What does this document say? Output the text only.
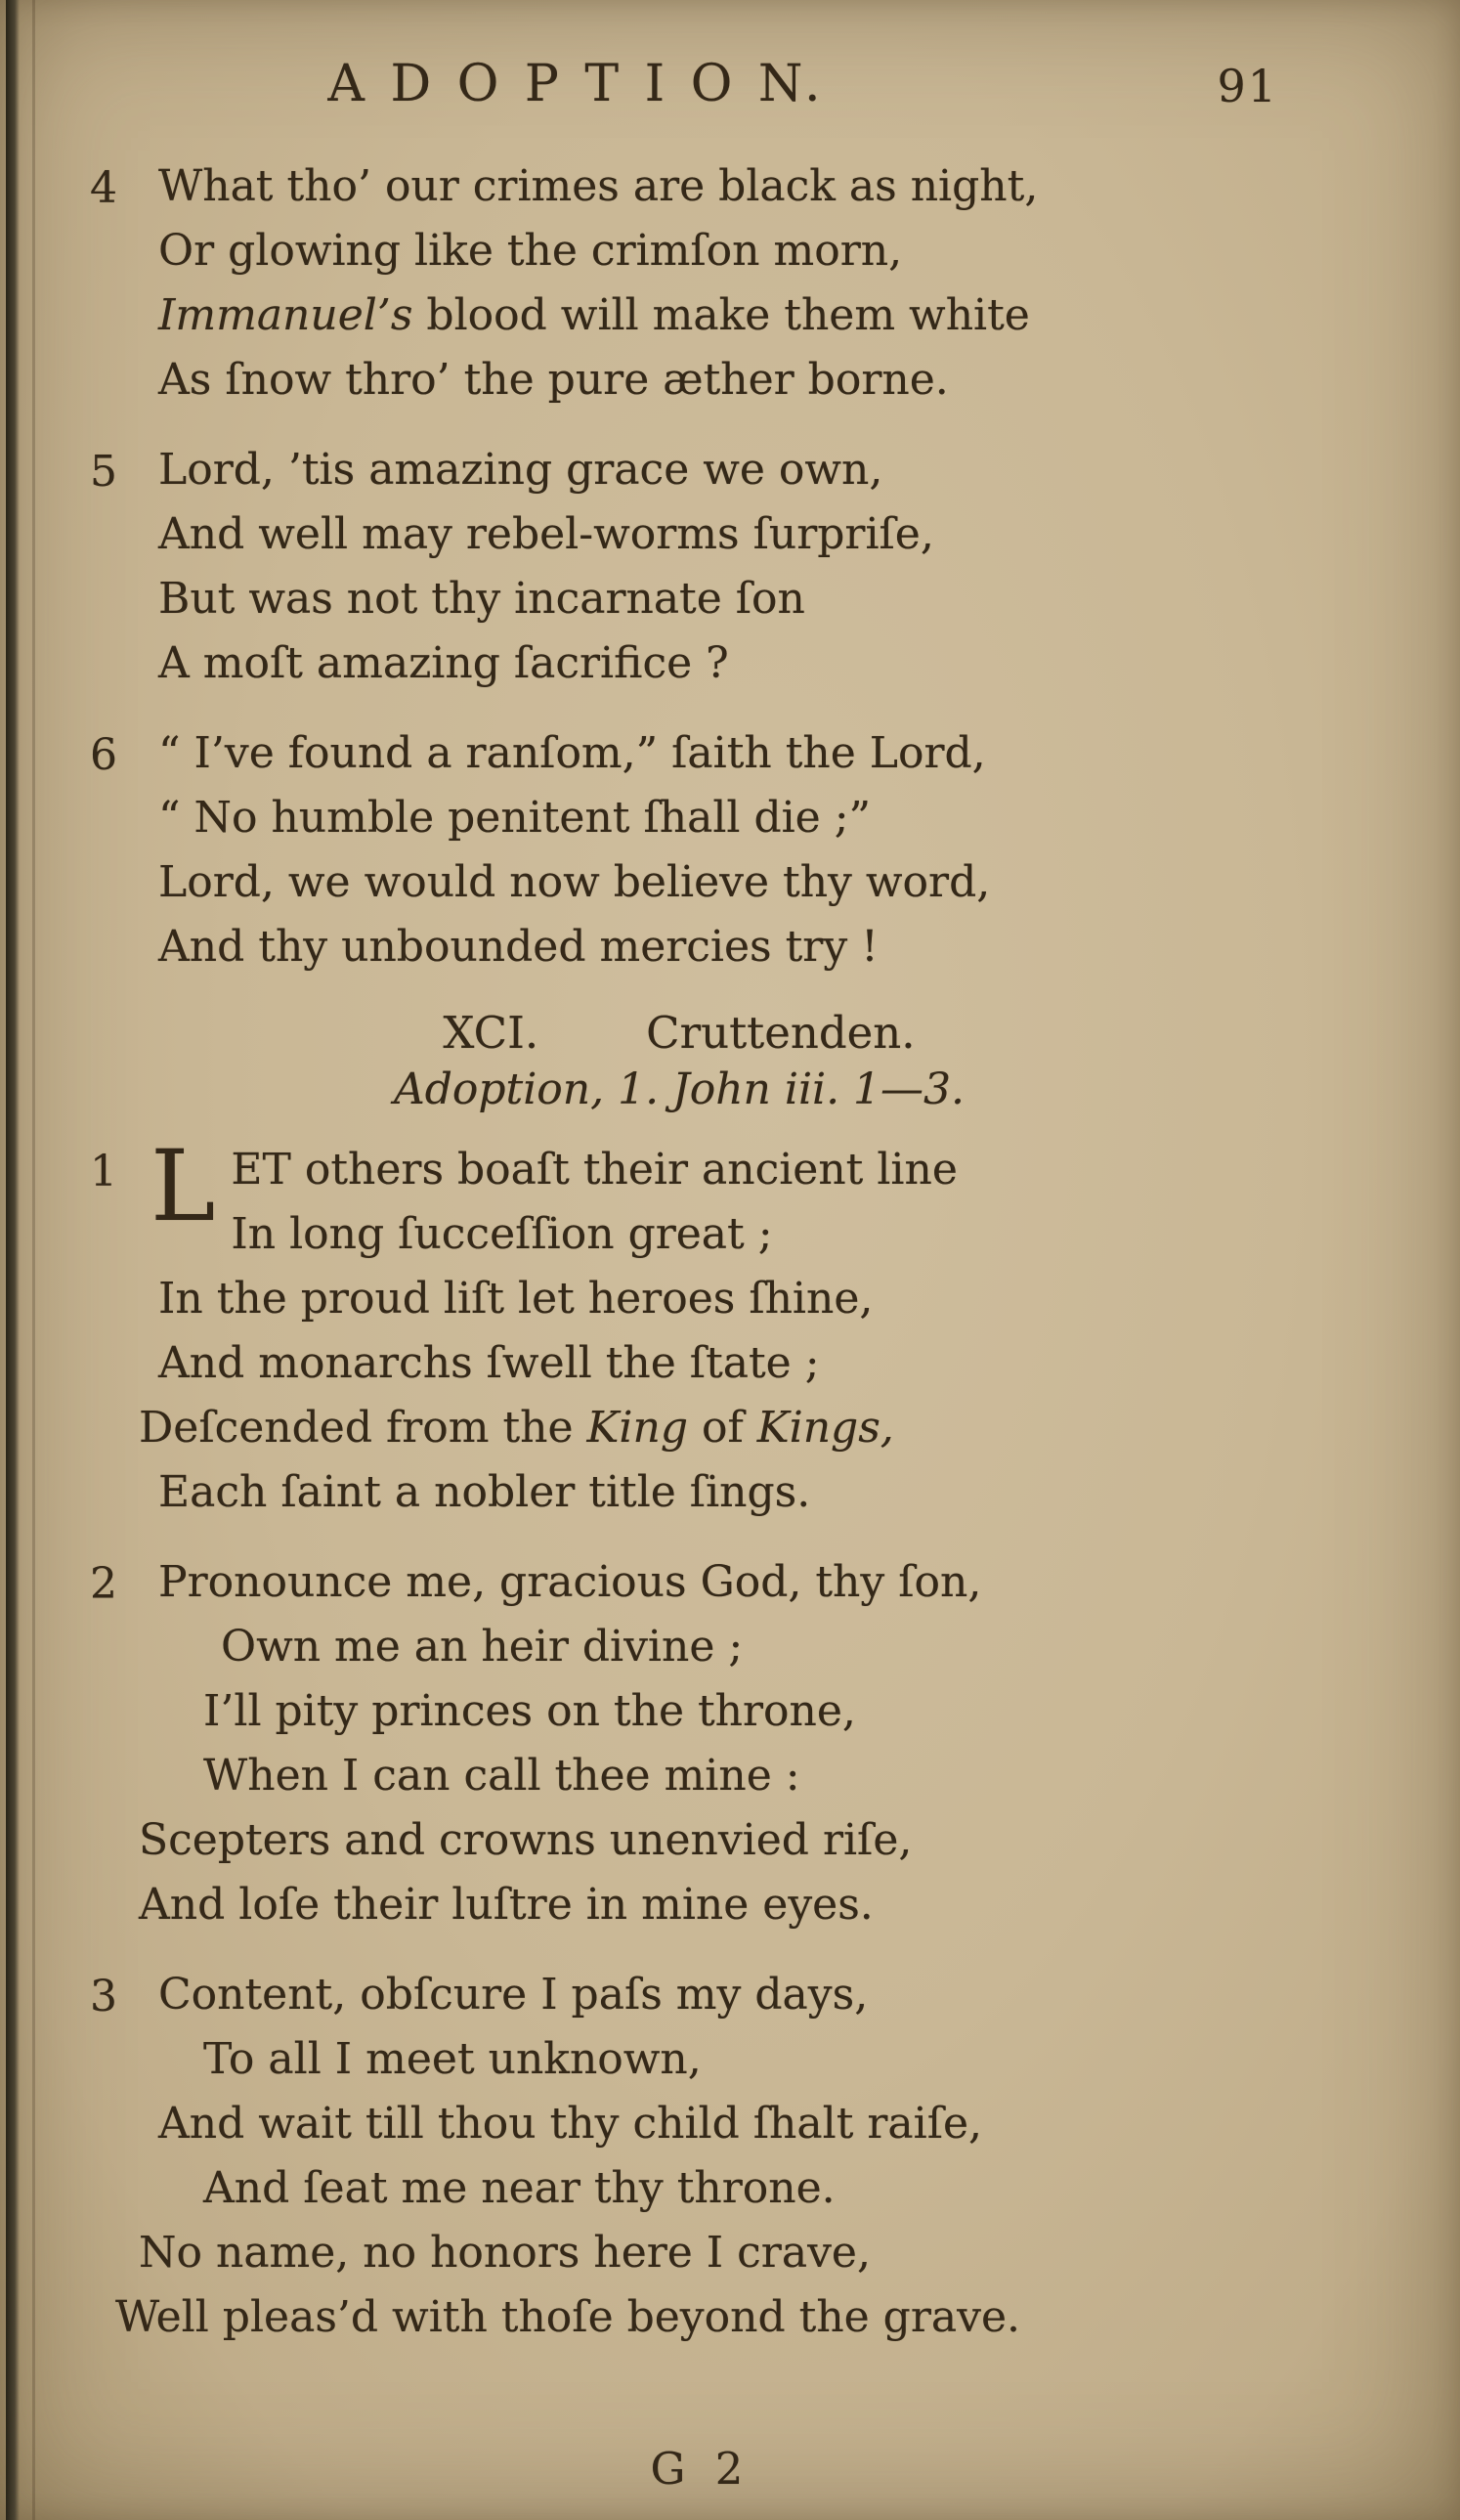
A D O P T I O N.	91
4 What tho’ our crimes are black as night,
Or glowing like the crimſon morn,
Immanuel’s blood will make them white
As ſnow thro’ the pure æther borne.
5 Lord, ’tis amazing grace we own,
And well may rebel-worms ſurpriſe,
But was not thy incarnate ſon
A moſt amazing ſacrifice ?
6 “ I’ve found a ranſom,” ſaith the Lord,
“ No humble penitent ſhall die ;”
Lord, we would now believe thy word,
And thy unbounded mercies try !
XCI. Cruttenden.
Adoption, 1. John iii. 1—3.
1 L ET others boaſt their ancient line
In long ſucceſſion great ;
In the proud liſt let heroes ſhine,
And monarchs ſwell the ſtate ;
Deſcended from the King of Kings,
Each ſaint a nobler title ſings.
2 Pronounce me, gracious God, thy ſon,
Own me an heir divine ;
I’ll pity princes on the throne,
When I can call thee mine :
Scepters and crowns unenvied riſe,
And loſe their luſtre in mine eyes.
3 Content, obſcure I paſs my days,
To all I meet unknown,
And wait till thou thy child ſhalt raiſe,
And ſeat me near thy throne.
No name, no honors here I crave,
Well pleas’d with thoſe beyond the grave.
G 2
